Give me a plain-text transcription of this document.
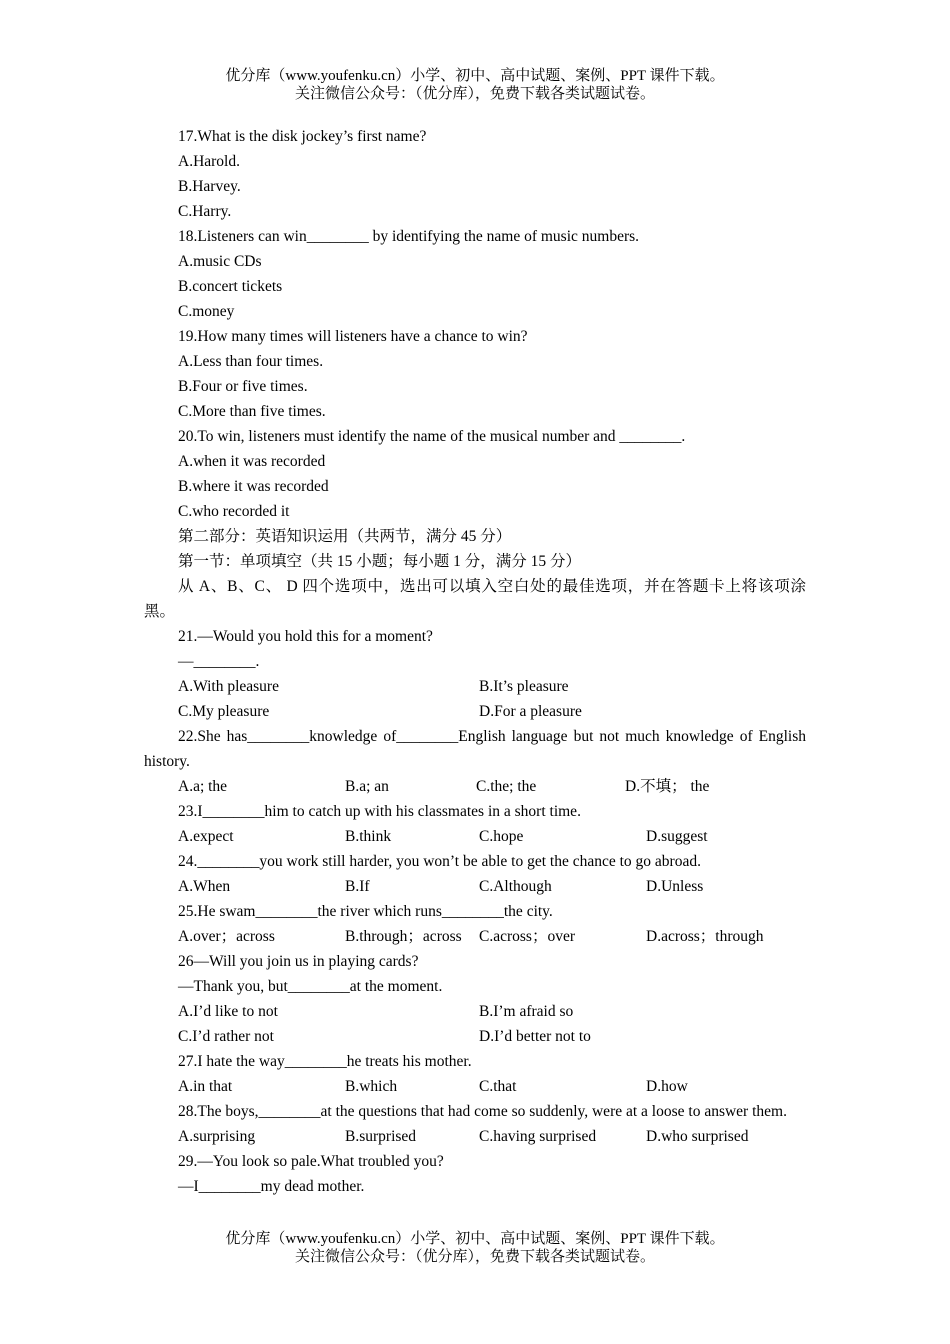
优分库（www.youfenku.cn）小学、初中、高中试题、案例、PPT 课件下载。
关注微信公众号：（优分库），免费下载各类试题试卷。
17.What is the disk jockey’s first name?
A.Harold.
B.Harvey.
C.Harry.
18.Listeners can win________ by identifying the name of music numbers.
A.music CDs
B.concert tickets
C.money
19.How many times will listeners have a chance to win?
A.Less than four times.
B.Four or five times.
C.More than five times.
20.To win, listeners must identify the name of the musical number and ________.
A.when it was recorded
B.where it was recorded
C.who recorded it
第二部分：英语知识运用（共两节，满分 45 分）
第一节：单项填空（共 15 小题；每小题 1 分，满分 15 分）
从 A、B、C、 D 四个选项中，选出可以填入空白处的最佳选项，并在答题卡上将该项涂黑。
21.—Would you hold this for a moment?
—________.
A.With pleasure	B.It’s pleasure
C.My pleasure	D.For a pleasure
22.She has________knowledge of________English language but not much knowledge of English history.
A.a; the	B.a; an	C.the; the	D.不填； the
23.I________him to catch up with his classmates in a short time.
A.expect	B.think	C.hope	D.suggest
24.________you work still harder, you won’t be able to get the chance to go abroad.
A.When	B.If	C.Although	D.Unless
25.He swam________the river which runs________the city.
A.over；across	B.through；across	C.across；over	D.across；through
26—Will you join us in playing cards?
—Thank you, but________at the moment.
A.I’d like to not	B.I’m afraid so
C.I’d rather not	D.I’d better not to
27.I hate the way________he treats his mother.
A.in that	B.which	C.that	D.how
28.The boys,________at the questions that had come so suddenly, were at a loose to answer them.
A.surprising	B.surprised	C.having surprised	D.who surprised
29.—You look so pale.What troubled you?
—I________my dead mother.
优分库（www.youfenku.cn）小学、初中、高中试题、案例、PPT 课件下载。
关注微信公众号：（优分库），免费下载各类试题试卷。
